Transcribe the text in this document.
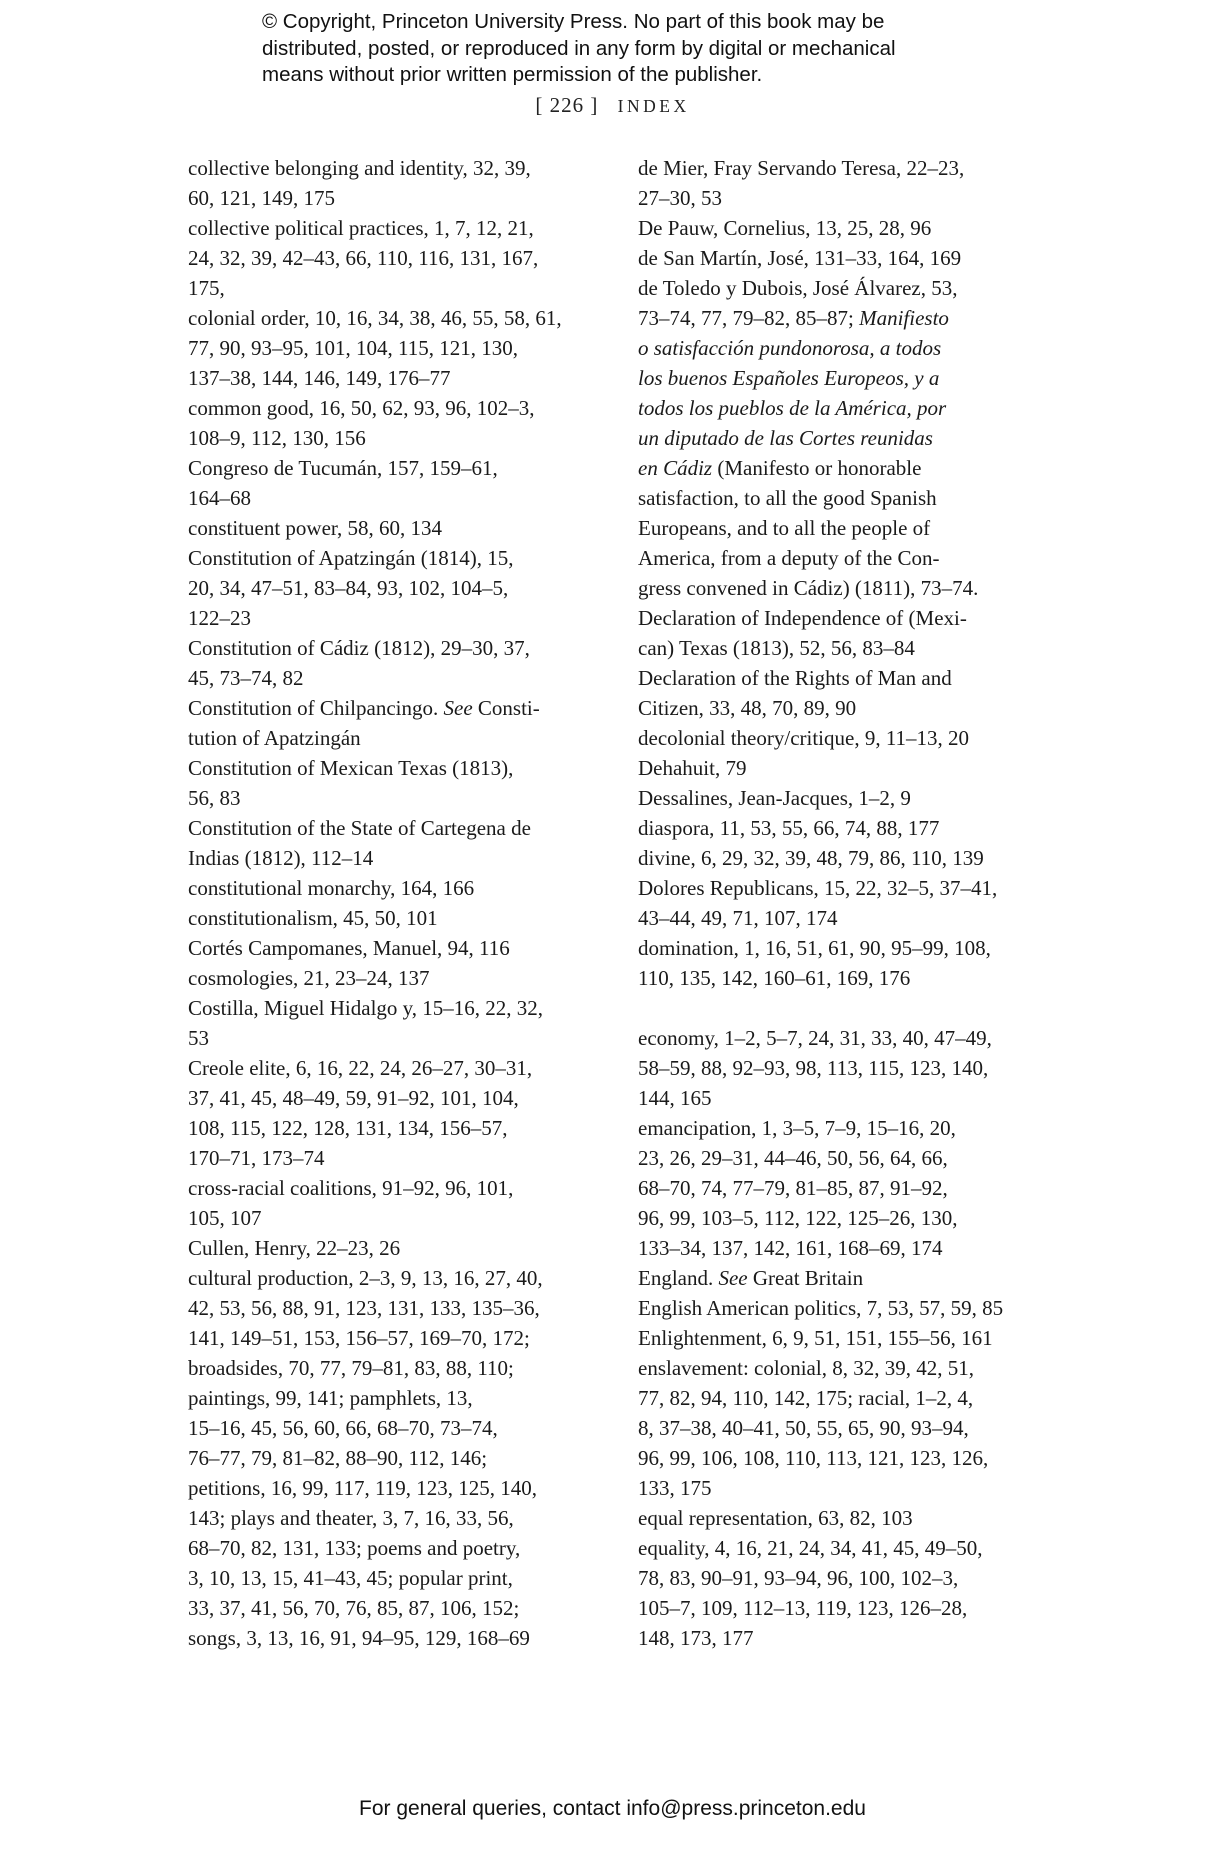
© Copyright, Princeton University Press. No part of this book may be
distributed, posted, or reproduced in any form by digital or mechanical
means without prior written permission of the publisher.
[ 226 ] INDEX
collective belonging and identity, 32, 39,
60, 121, 149, 175
collective political practices, 1, 7, 12, 21,
24, 32, 39, 42–43, 66, 110, 116, 131, 167,
175,
colonial order, 10, 16, 34, 38, 46, 55, 58, 61,
77, 90, 93–95, 101, 104, 115, 121, 130,
137–38, 144, 146, 149, 176–77
common good, 16, 50, 62, 93, 96, 102–3,
108–9, 112, 130, 156
Congreso de Tucumán, 157, 159–61,
164–68
constituent power, 58, 60, 134
Constitution of Apatzingán (1814), 15,
20, 34, 47–51, 83–84, 93, 102, 104–5,
122–23
Constitution of Cádiz (1812), 29–30, 37,
45, 73–74, 82
Constitution of Chilpancingo. See Consti-
tution of Apatzingán
Constitution of Mexican Texas (1813),
56, 83
Constitution of the State of Cartegena de
Indias (1812), 112–14
constitutional monarchy, 164, 166
constitutionalism, 45, 50, 101
Cortés Campomanes, Manuel, 94, 116
cosmologies, 21, 23–24, 137
Costilla, Miguel Hidalgo y, 15–16, 22, 32,
53
Creole elite, 6, 16, 22, 24, 26–27, 30–31,
37, 41, 45, 48–49, 59, 91–92, 101, 104,
108, 115, 122, 128, 131, 134, 156–57,
170–71, 173–74
cross-racial coalitions, 91–92, 96, 101,
105, 107
Cullen, Henry, 22–23, 26
cultural production, 2–3, 9, 13, 16, 27, 40,
42, 53, 56, 88, 91, 123, 131, 133, 135–36,
141, 149–51, 153, 156–57, 169–70, 172;
broadsides, 70, 77, 79–81, 83, 88, 110;
paintings, 99, 141; pamphlets, 13,
15–16, 45, 56, 60, 66, 68–70, 73–74,
76–77, 79, 81–82, 88–90, 112, 146;
petitions, 16, 99, 117, 119, 123, 125, 140,
143; plays and theater, 3, 7, 16, 33, 56,
68–70, 82, 131, 133; poems and poetry,
3, 10, 13, 15, 41–43, 45; popular print,
33, 37, 41, 56, 70, 76, 85, 87, 106, 152;
songs, 3, 13, 16, 91, 94–95, 129, 168–69
de Mier, Fray Servando Teresa, 22–23,
27–30, 53
De Pauw, Cornelius, 13, 25, 28, 96
de San Martín, José, 131–33, 164, 169
de Toledo y Dubois, José Álvarez, 53,
73–74, 77, 79–82, 85–87; Manifiesto
o satisfacción pundonorosa, a todos
los buenos Españoles Europeos, y a
todos los pueblos de la América, por
un diputado de las Cortes reunidas
en Cádiz (Manifesto or honorable
satisfaction, to all the good Spanish
Europeans, and to all the people of
America, from a deputy of the Con-
gress convened in Cádiz) (1811), 73–74.
Declaration of Independence of (Mexi-
can) Texas (1813), 52, 56, 83–84
Declaration of the Rights of Man and
Citizen, 33, 48, 70, 89, 90
decolonial theory/critique, 9, 11–13, 20
Dehahuit, 79
Dessalines, Jean-Jacques, 1–2, 9
diaspora, 11, 53, 55, 66, 74, 88, 177
divine, 6, 29, 32, 39, 48, 79, 86, 110, 139
Dolores Republicans, 15, 22, 32–5, 37–41,
43–44, 49, 71, 107, 174
domination, 1, 16, 51, 61, 90, 95–99, 108,
110, 135, 142, 160–61, 169, 176
economy, 1–2, 5–7, 24, 31, 33, 40, 47–49,
58–59, 88, 92–93, 98, 113, 115, 123, 140,
144, 165
emancipation, 1, 3–5, 7–9, 15–16, 20,
23, 26, 29–31, 44–46, 50, 56, 64, 66,
68–70, 74, 77–79, 81–85, 87, 91–92,
96, 99, 103–5, 112, 122, 125–26, 130,
133–34, 137, 142, 161, 168–69, 174
England. See Great Britain
English American politics, 7, 53, 57, 59, 85
Enlightenment, 6, 9, 51, 151, 155–56, 161
enslavement: colonial, 8, 32, 39, 42, 51,
77, 82, 94, 110, 142, 175; racial, 1–2, 4,
8, 37–38, 40–41, 50, 55, 65, 90, 93–94,
96, 99, 106, 108, 110, 113, 121, 123, 126,
133, 175
equal representation, 63, 82, 103
equality, 4, 16, 21, 24, 34, 41, 45, 49–50,
78, 83, 90–91, 93–94, 96, 100, 102–3,
105–7, 109, 112–13, 119, 123, 126–28,
148, 173, 177
For general queries, contact info@press.princeton.edu
